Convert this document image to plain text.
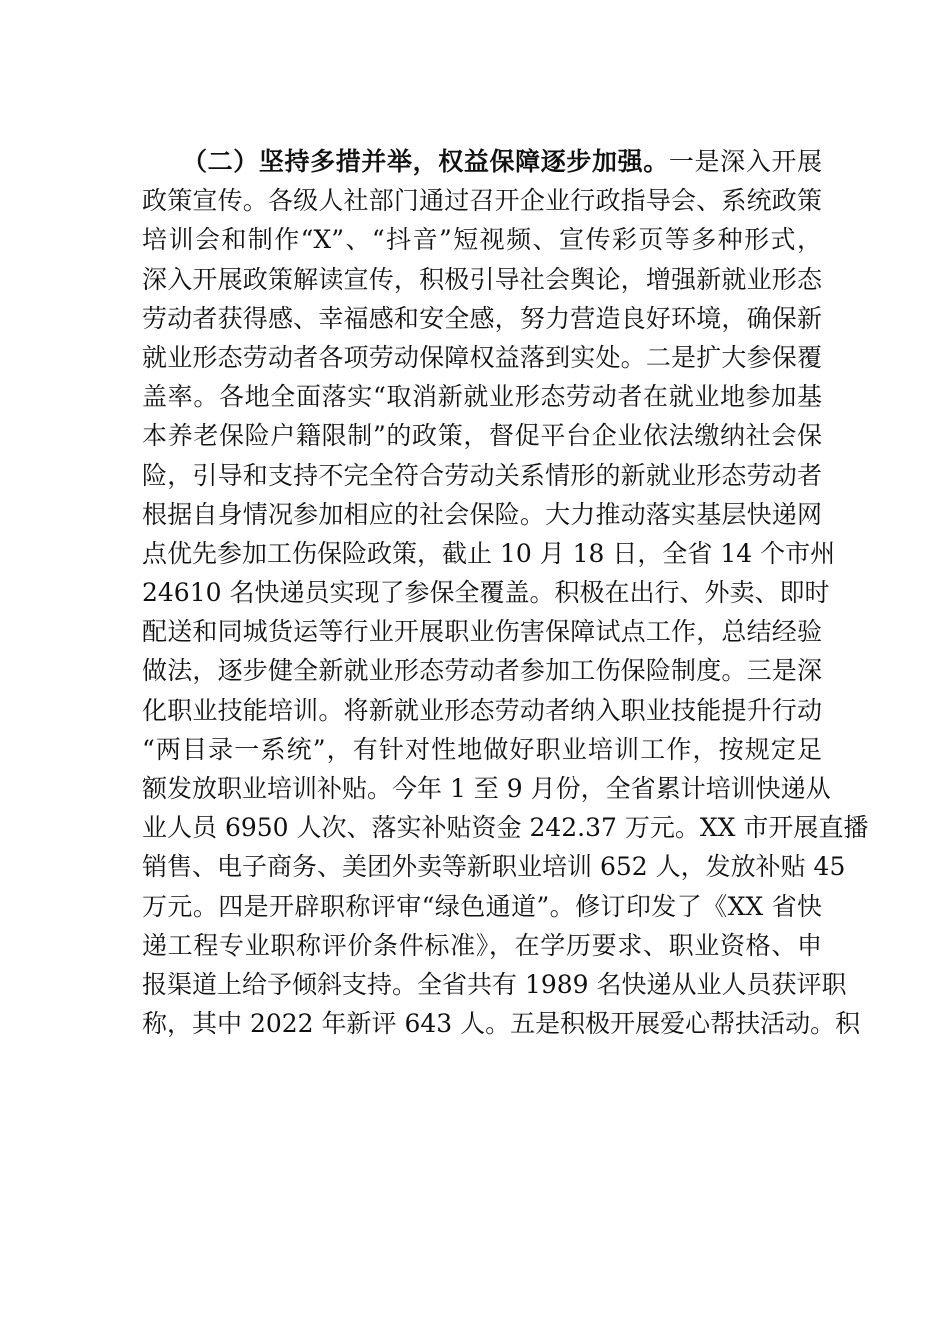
（二）坚持多措并举，权益保障逐步加强。一是深入开展
政策宣传。各级人社部门通过召开企业行政指导会、系统政策
培训会和制作“X”、“抖音”短视频、宣传彩页等多种形式，
深入开展政策解读宣传，积极引导社会舆论，增强新就业形态
劳动者获得感、幸福感和安全感，努力营造良好环境，确保新
就业形态劳动者各项劳动保障权益落到实处。二是扩大参保覆
盖率。各地全面落实“取消新就业形态劳动者在就业地参加基
本养老保险户籍限制”的政策，督促平台企业依法缴纳社会保
险，引导和支持不完全符合劳动关系情形的新就业形态劳动者
根据自身情况参加相应的社会保险。大力推动落实基层快递网
点优先参加工伤保险政策，截止 10 月 18 日，全省 14 个市州
24610 名快递员实现了参保全覆盖。积极在出行、外卖、即时
配送和同城货运等行业开展职业伤害保障试点工作，总结经验
做法，逐步健全新就业形态劳动者参加工伤保险制度。三是深
化职业技能培训。将新就业形态劳动者纳入职业技能提升行动
“两目录一系统”，有针对性地做好职业培训工作，按规定足
额发放职业培训补贴。今年 1 至 9 月份，全省累计培训快递从
业人员 6950 人次、落实补贴资金 242.37 万元。XX 市开展直播
销售、电子商务、美团外卖等新职业培训 652 人，发放补贴 45
万元。四是开辟职称评审“绿色通道”。修订印发了《XX 省快
递工程专业职称评价条件标准》，在学历要求、职业资格、申
报渠道上给予倾斜支持。全省共有 1989 名快递从业人员获评职
称，其中 2022 年新评 643 人。五是积极开展爱心帮扶活动。积
